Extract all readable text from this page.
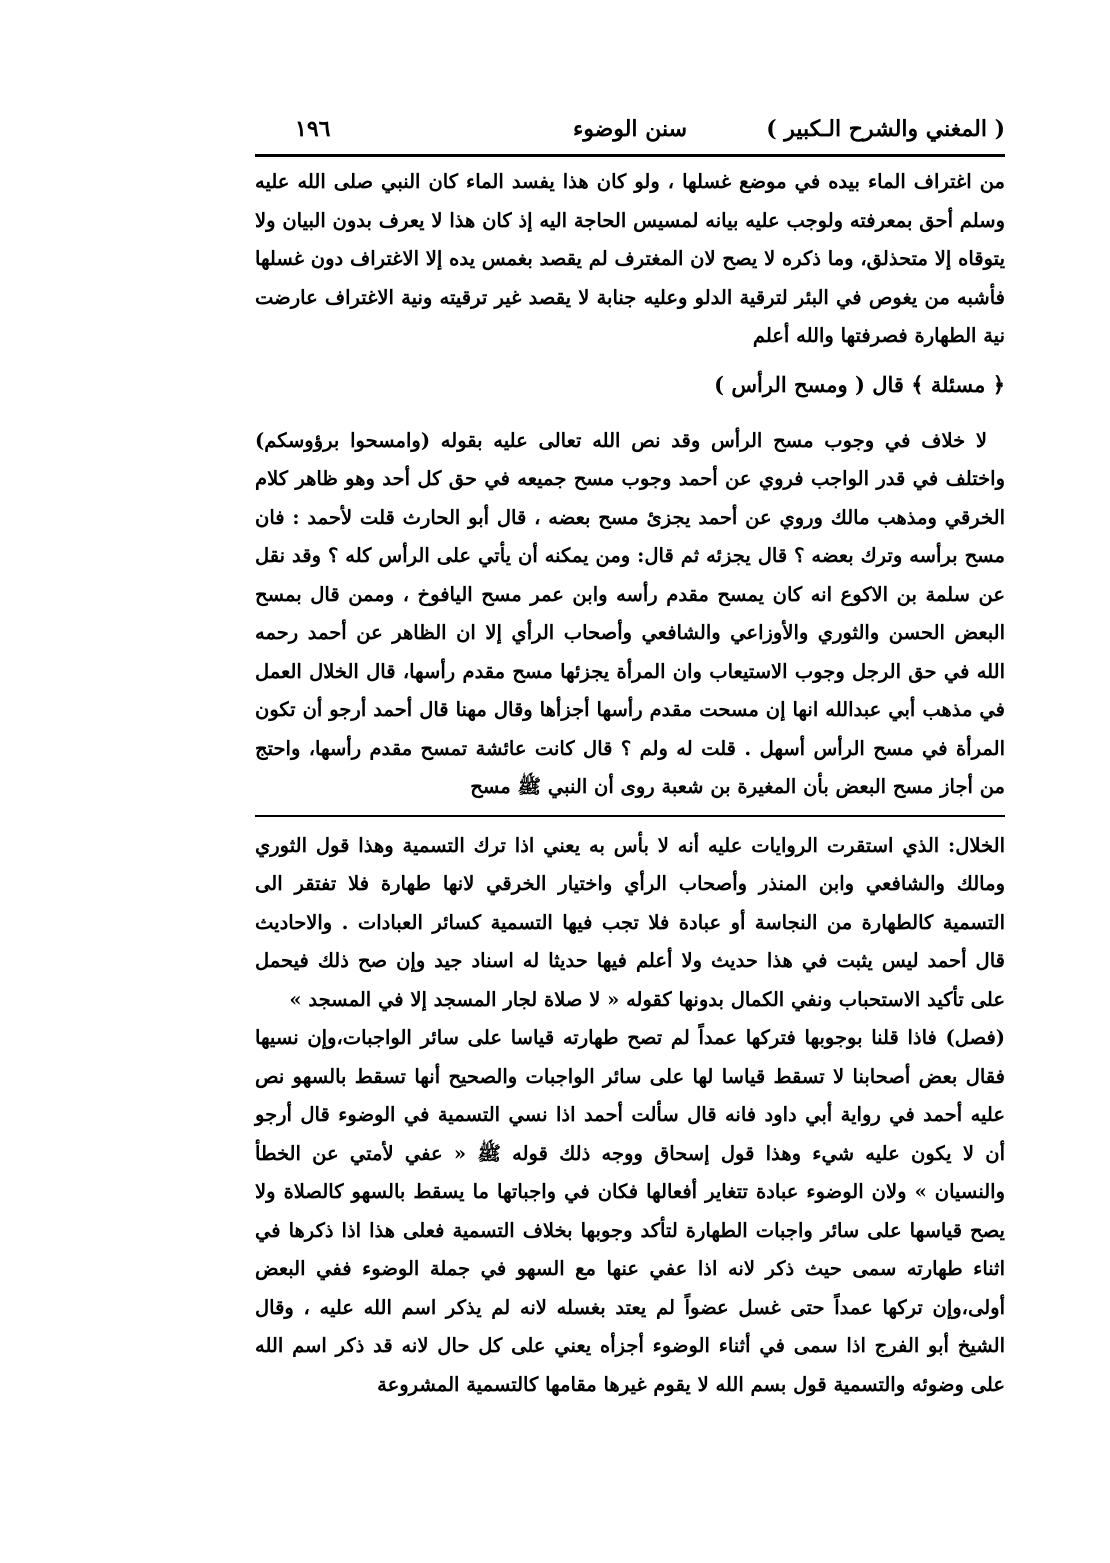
( المغني والشرح الـكبير )
سنن الوضوء
١٩٦

من اغتراف الماء بيده في موضع غسلها ، ولو كان هذا يفسد الماء كان النبي صلى الله عليه وسلم أحق بمعرفته ولوجب عليه بيانه لمسيس الحاجة اليه إذ كان هذا لا يعرف بدون البيان ولا يتوقاه إلا متحذلق، وما ذكره لا يصح لان المغترف لم يقصد بغمس يده إلا الاغتراف دون غسلها فأشبه من يغوص في البئر لترقية الدلو وعليه جنابة لا يقصد غير ترقيته ونية الاغتراف عارضت نية الطهارة فصرفتها والله أعلم

﴿ مسئلة ﴾ قال ( ومسح الرأس )

لا خلاف في وجوب مسح الرأس وقد نص الله تعالى عليه بقوله (وامسحوا برؤوسكم) واختلف في قدر الواجب فروي عن أحمد وجوب مسح جميعه في حق كل أحد وهو ظاهر كلام الخرقي ومذهب مالك وروي عن أحمد يجزئ مسح بعضه ، قال أبو الحارث قلت لأحمد : فان مسح برأسه وترك بعضه ؟ قال يجزئه ثم قال: ومن يمكنه أن يأتي على الرأس كله ؟ وقد نقل عن سلمة بن الاكوع انه كان يمسح مقدم رأسه وابن عمر مسح اليافوخ ، وممن قال بمسح البعض الحسن والثوري والأوزاعي والشافعي وأصحاب الرأي إلا ان الظاهر عن أحمد رحمه الله في حق الرجل وجوب الاستيعاب وان المرأة يجزئها مسح مقدم رأسها، قال الخلال العمل في مذهب أبي عبدالله انها إن مسحت مقدم رأسها أجزأها وقال مهنا قال أحمد أرجو أن تكون المرأة في مسح الرأس أسهل . قلت له ولم ؟ قال كانت عائشة تمسح مقدم رأسها، واحتج من أجاز مسح البعض بأن المغيرة بن شعبة روى أن النبي ﷺ مسح

الخلال: الذي استقرت الروايات عليه أنه لا بأس به يعني اذا ترك التسمية وهذا قول الثوري ومالك والشافعي وابن المنذر وأصحاب الرأي واختيار الخرقي لانها طهارة فلا تفتقر الى التسمية كالطهارة من النجاسة أو عبادة فلا تجب فيها التسمية كسائر العبادات . والاحاديث قال أحمد ليس يثبت في هذا حديث ولا أعلم فيها حديثا له اسناد جيد وإن صح ذلك فيحمل على تأكيد الاستحباب ونفي الكمال بدونها كقوله « لا صلاة لجار المسجد إلا في المسجد »

(فصل) فاذا قلنا بوجوبها فتركها عمداً لم تصح طهارته قياسا على سائر الواجبات،وإن نسيها فقال بعض أصحابنا لا تسقط قياسا لها على سائر الواجبات والصحيح أنها تسقط بالسهو نص عليه أحمد في رواية أبي داود فانه قال سألت أحمد اذا نسي التسمية في الوضوء قال أرجو أن لا يكون عليه شيء وهذا قول إسحاق ووجه ذلك قوله ﷺ « عفي لأمتي عن الخطأ والنسيان » ولان الوضوء عبادة تتغاير أفعالها فكان في واجباتها ما يسقط بالسهو كالصلاة ولا يصح قياسها على سائر واجبات الطهارة لتأكد وجوبها بخلاف التسمية فعلى هذا اذا ذكرها في اثناء طهارته سمى حيث ذكر لانه اذا عفي عنها مع السهو في جملة الوضوء ففي البعض أولى،وإن تركها عمداً حتى غسل عضواً لم يعتد بغسله لانه لم يذكر اسم الله عليه ، وقال الشيخ أبو الفرج اذا سمى في أثناء الوضوء أجزأه يعني على كل حال لانه قد ذكر اسم الله على وضوئه والتسمية قول بسم الله لا يقوم غيرها مقامها كالتسمية المشروعة
